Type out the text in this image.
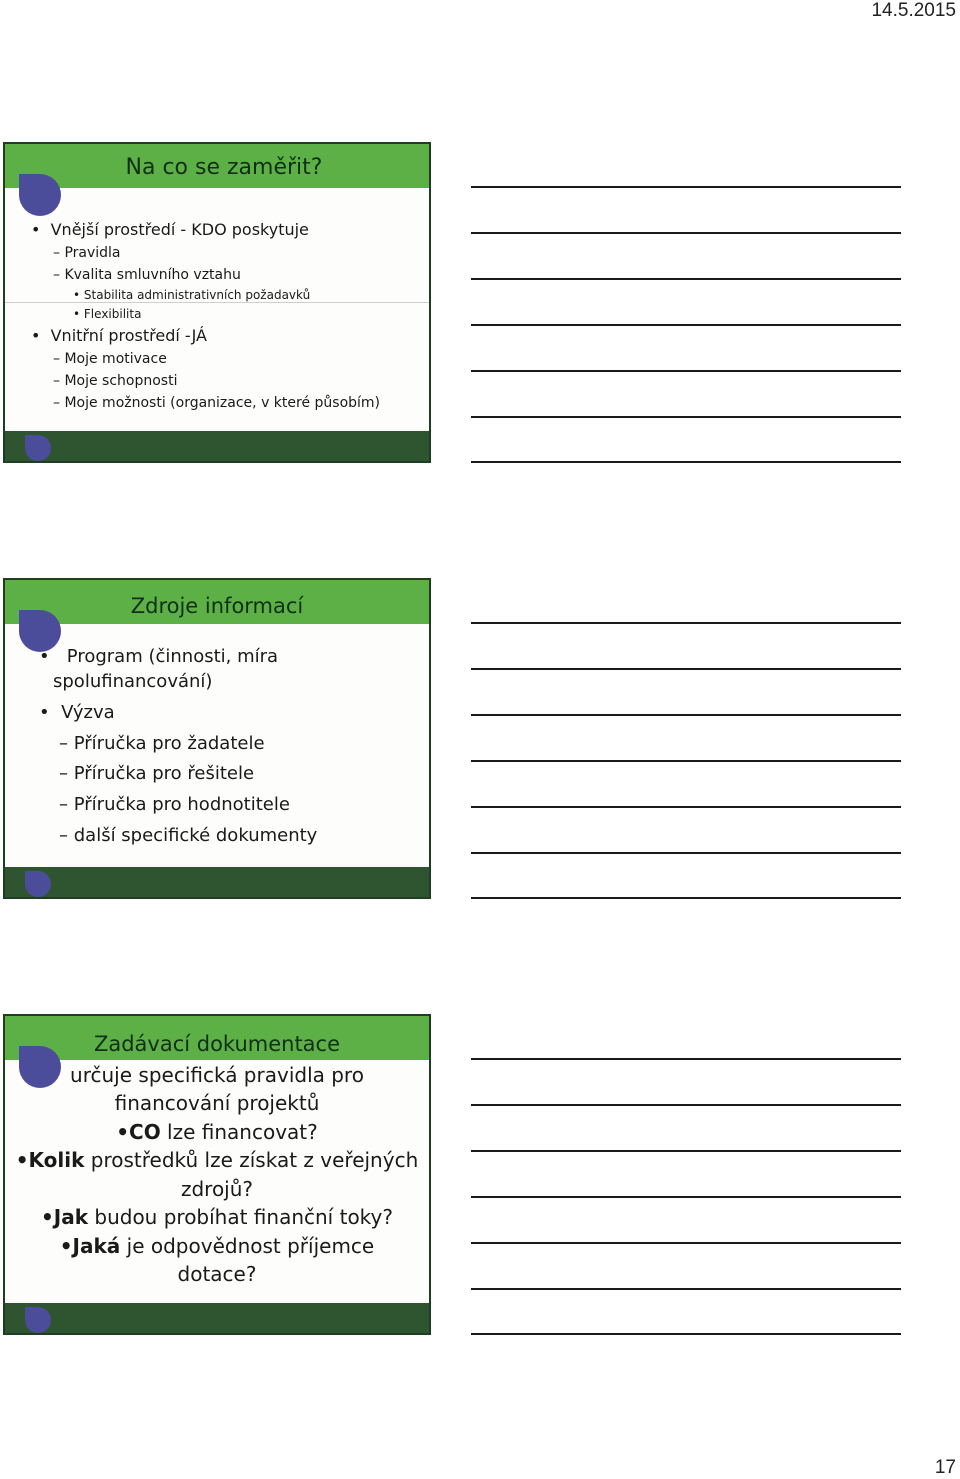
14.5.2015
Na co se zaměřit?
• Vnější prostředí - KDO poskytuje
– Pravidla
– Kvalita smluvního vztahu
• Stabilita administrativních požadavků
• Flexibilita
• Vnitřní prostředí -JÁ
– Moje motivace
– Moje schopnosti
– Moje možnosti (organizace, v které působím)
Zdroje informací
• Program (činnosti, míra
spolufinancování)
• Výzva
– Příručka pro žadatele
– Příručka pro řešitele
– Příručka pro hodnotitele
– další specifické dokumenty
Zadávací dokumentace
určuje specifická pravidla pro
financování projektů
•CO lze financovat?
•Kolik prostředků lze získat z veřejných
zdrojů?
•Jak budou probíhat finanční toky?
•Jaká je odpovědnost příjemce
dotace?
17
